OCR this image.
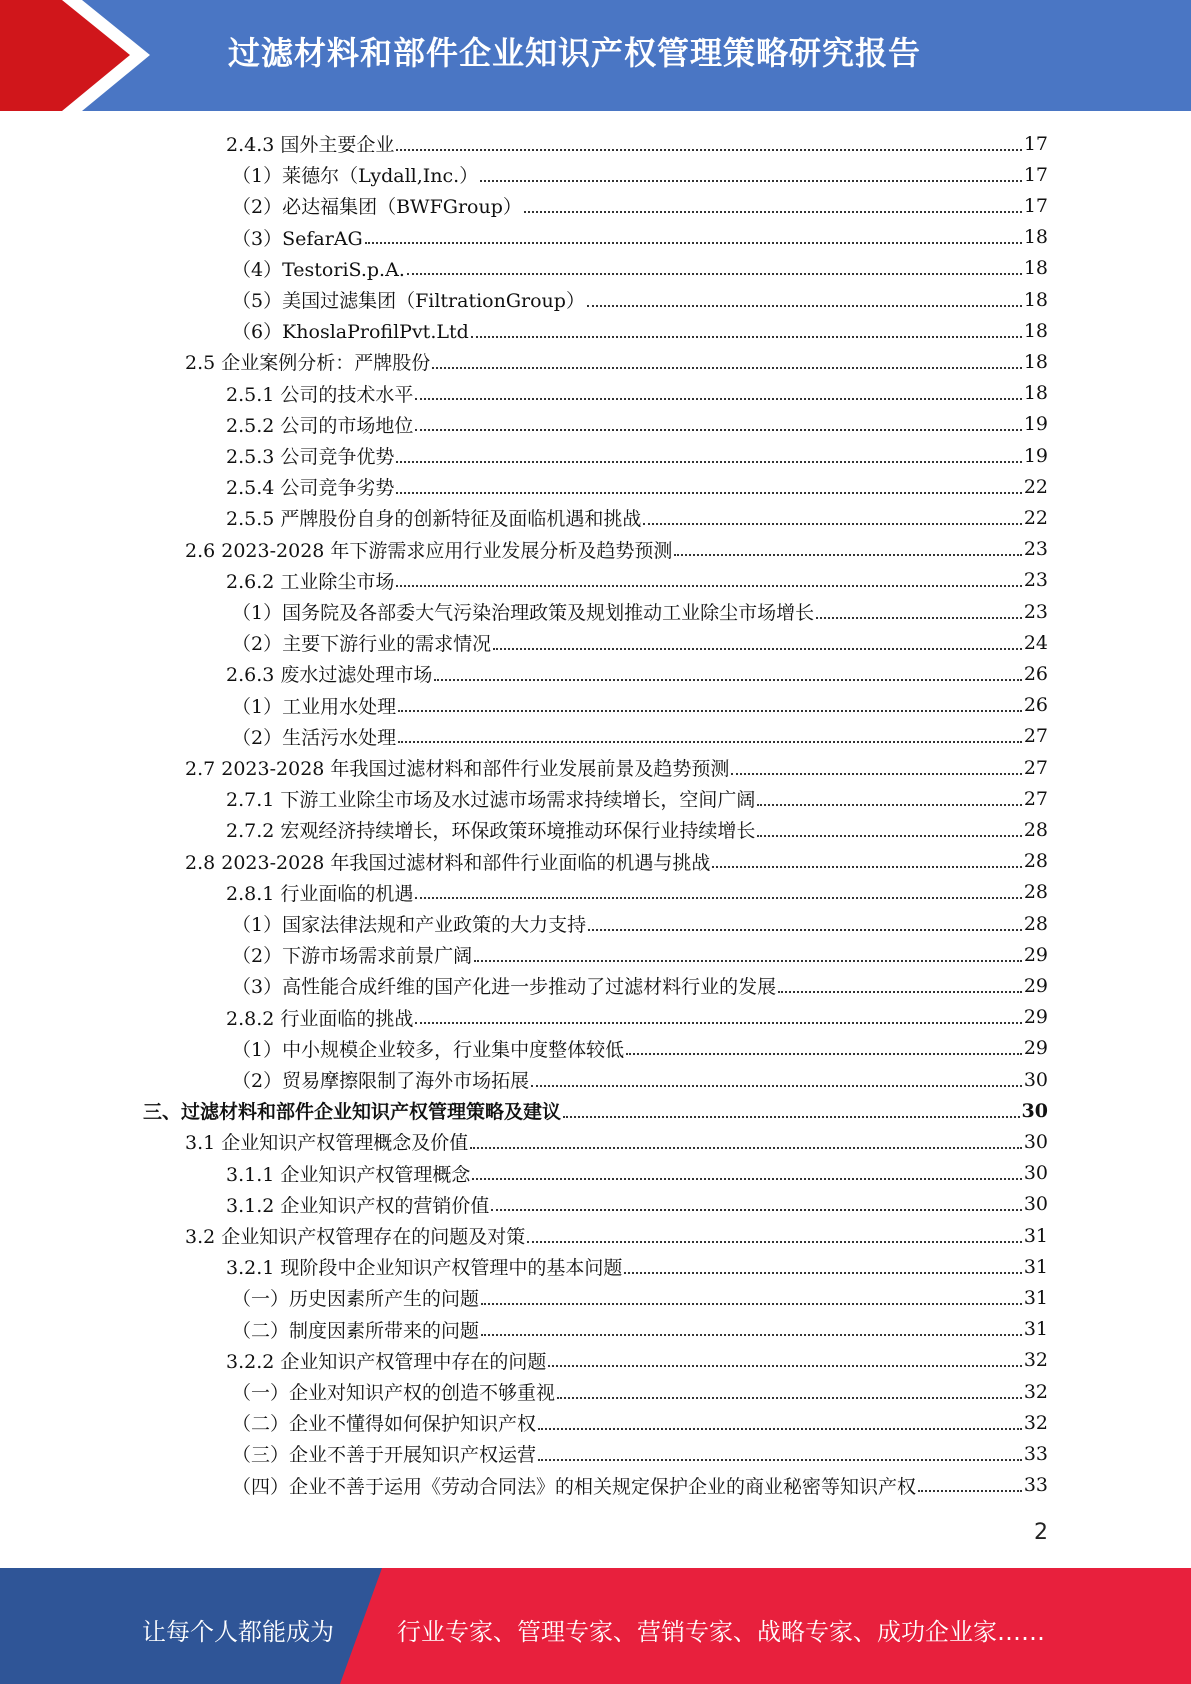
过滤材料和部件企业知识产权管理策略研究报告
2.4.3 国外主要企业	17
（1）莱德尔（Lydall,Inc.）	17
（2）必达福集团（BWFGroup）	17
（3）SefarAG	18
（4）TestoriS.p.A.	18
（5）美国过滤集团（FiltrationGroup）	18
（6）KhoslaProfilPvt.Ltd	18
2.5 企业案例分析：严牌股份	18
2.5.1 公司的技术水平	18
2.5.2 公司的市场地位	19
2.5.3 公司竞争优势	19
2.5.4 公司竞争劣势	22
2.5.5 严牌股份自身的创新特征及面临机遇和挑战	22
2.6 2023-2028 年下游需求应用行业发展分析及趋势预测	23
2.6.2 工业除尘市场	23
（1）国务院及各部委大气污染治理政策及规划推动工业除尘市场增长	23
（2）主要下游行业的需求情况	24
2.6.3 废水过滤处理市场	26
（1）工业用水处理	26
（2）生活污水处理	27
2.7 2023-2028 年我国过滤材料和部件行业发展前景及趋势预测	27
2.7.1 下游工业除尘市场及水过滤市场需求持续增长，空间广阔	27
2.7.2 宏观经济持续增长，环保政策环境推动环保行业持续增长	28
2.8 2023-2028 年我国过滤材料和部件行业面临的机遇与挑战	28
2.8.1 行业面临的机遇	28
（1）国家法律法规和产业政策的大力支持	28
（2）下游市场需求前景广阔	29
（3）高性能合成纤维的国产化进一步推动了过滤材料行业的发展	29
2.8.2 行业面临的挑战	29
（1）中小规模企业较多，行业集中度整体较低	29
（2）贸易摩擦限制了海外市场拓展	30
三、过滤材料和部件企业知识产权管理策略及建议	30
3.1 企业知识产权管理概念及价值	30
3.1.1 企业知识产权管理概念	30
3.1.2 企业知识产权的营销价值	30
3.2 企业知识产权管理存在的问题及对策	31
3.2.1 现阶段中企业知识产权管理中的基本问题	31
（一）历史因素所产生的问题	31
（二）制度因素所带来的问题	31
3.2.2 企业知识产权管理中存在的问题	32
（一）企业对知识产权的创造不够重视	32
（二）企业不懂得如何保护知识产权	32
（三）企业不善于开展知识产权运营	33
（四）企业不善于运用《劳动合同法》的相关规定保护企业的商业秘密等知识产权	33
2
让每个人都能成为	行业专家、管理专家、营销专家、战略专家、成功企业家……
